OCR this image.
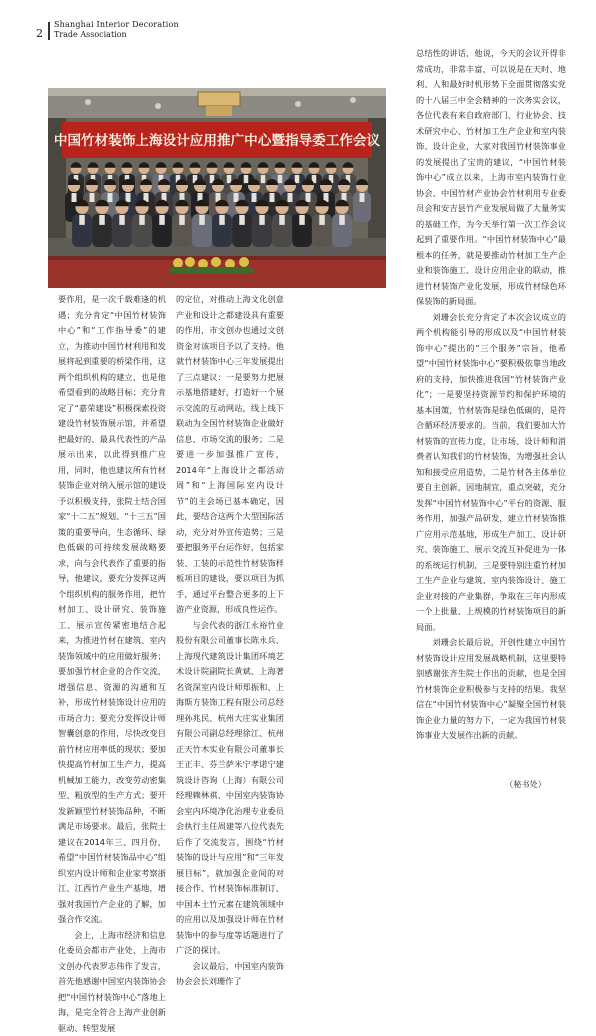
2
Shanghai Interior Decoration
Trade Association
中国竹材装饰上海设计应用推广中心暨指导委工作会议

要作用，是一次千载难逢的机遇；充分肯定“中国竹材装饰中心”和“工作指导委”的建立，为推动中国竹材利用和发展将起到重要的桥梁作用，这两个组织机构的建立，也是他希望看到的战略目标；充分肯定了“嘉荣建设”积极探索投资建设竹材装饰展示馆，并希望把最好的、最具代表性的产品展示出来，以此得到推广应用，同时，他也建议所有竹材装饰企业对纳入展示馆的建设予以积极支持，张院士结合国家“十二五”规划、“十三五”国策的重要导向，生态循环、绿色低碳的可持续发展战略要求，向与会代表作了重要的指导，他建议，要充分发挥这两个组织机构的服务作用，把竹材加工、设计研究、装饰施工、展示宣传紧密地结合起来，为推进竹材在建筑、室内装饰领域中的应用做好服务；要加强竹材企业的合作交流，增强信息、资源的沟通和互补，形成竹材装饰设计应用的市场合力；要充分发挥设计师智囊创意的作用，尽快改变目前竹材应用率低的现状；要加快提高竹材加工生产力，提高机械加工能力，改变劳动密集型、粗放型的生产方式；要开发新颖型竹材装饰品种，不断满足市场要求。最后，张院士建议在2014年三、四月份，希望“中国竹材装饰品中心”组织室内设计师和企业家考察浙江、江西竹产业生产基地，增强对我国竹产企业的了解，加强合作交流。

会上，上海市经济和信息化委员会都市产业处、上海市文创办代表罗志伟作了发言，首先他感谢中国室内装饰协会把“中国竹材装饰中心”落地上海，是完全符合上海产业创新驱动、转型发展

的定位，对推动上海文化创意产业和设计之都建设具有重要的作用，市文创办也通过文创资金对该项目予以了支持。他就竹材装饰中心三年发展提出了三点建议：一是要努力把展示基地搭建好，打造好一个展示交流的互动网站，线上线下联动为全国竹材装饰企业做好信息、市场交流的服务；二是要进一步加强推广宣传，2014年“上海设计之都活动周”和“上海国际室内设计节”的主会场已基本确定，因此，要结合这两个大型国际活动，充分对外宣传造势；三是要把服务平台运作好，包括家装、工装的示范性竹材装饰样板项目的建设，要以项目为抓手，通过平台整合更多的上下游产业资源，形成良性运作。

与会代表的浙江永裕竹业股份有限公司董事长陈永兵、上海现代建筑设计集团环境艺术设计院副院长黄斌、上海著名资深室内设计师郑振和、上海斯方装饰工程有限公司总经理孙兆民、杭州大庄实业集团有限公司副总经理徐江、杭州正天竹木实业有限公司董事长王正丰、芬兰萨米宁孝诺宁建筑设计咨询（上海）有限公司经理赖林祺、中国室内装饰协会室内环境净化治理专业委员会执行主任周建等八位代表先后作了交流发言，围绕“竹材装饰的设计与应用”和“三年发展目标”，就加强企业间的对接合作、竹材装饰标准制订、中国本土竹元素在建筑领域中的应用以及加强设计师在竹材装饰中的参与度等话题进行了广泛的探讨。

会议最后，中国室内装饰协会会长刘珊作了

总结性的讲话，他说，今天的会议开得非常成功，非常丰富，可以说是在天时、地利、人和最好时机形势下全面贯彻落实党的十八届三中全会精神的一次务实会议，各位代表有来自政府部门、行业协会、技术研究中心、竹材加工生产企业和室内装饰、设计企业，大家对我国竹材装饰事业的发展提出了宝贵的建议，“中国竹材装饰中心”成立以来，上海市室内装饰行业协会、中国竹材产业协会竹材利用专业委员会和安吉县竹产业发展局做了大量务实的基础工作，为今天举行第一次工作会议起到了重要作用。“中国竹材装饰中心”最根本的任务，就是要推动竹材加工生产企业和装饰施工、设计应用企业的联动，推进竹材装饰产业化发展，形成竹材绿色环保装饰的新局面。

刘珊会长充分肯定了本次会议成立的两个机构能引导的形成以及“中国竹材装饰中心”提出的“三个服务”宗旨，他希望“中国竹材装饰中心”要积极依靠当地政府的支持，加快推进我国“竹材装饰产业化”；一是要坚持资源节约和保护环境的基本国策，竹材装饰是绿色低碳的，是符合循环经济要求的。当前，我们要加大竹材装饰的宣传力度，让市场、设计师和消费者认知我们的竹材装饰，为增强社会认知和接受应用造势，二是竹材各主体单位要自主创新，因地制宜，重点突破，充分发挥“中国竹材装饰中心”平台的资源、服务作用，加强产品研发，建立竹材装饰推广应用示范基地，形成生产加工、设计研究、装饰施工、展示交流互补促进为一体的系统运行机制，三是要特别注重竹材加工生产企业与建筑、室内装饰设计、施工企业对接的产业集群，争取在三年内形成一个上批量、上规模的竹材装饰项目的新局面。

刘珊会长最后说，开创性建立中国竹材装饰设计应用发展战略机制，这里要特别感谢张齐生院士作出的贡献，也是全国竹材装饰企业积极参与支持的结果。我坚信在“中国竹材装饰中心”凝聚全国竹材装饰企业力量的努力下，一定为我国竹材装饰事业大发展作出新的贡献。

（秘书处）
